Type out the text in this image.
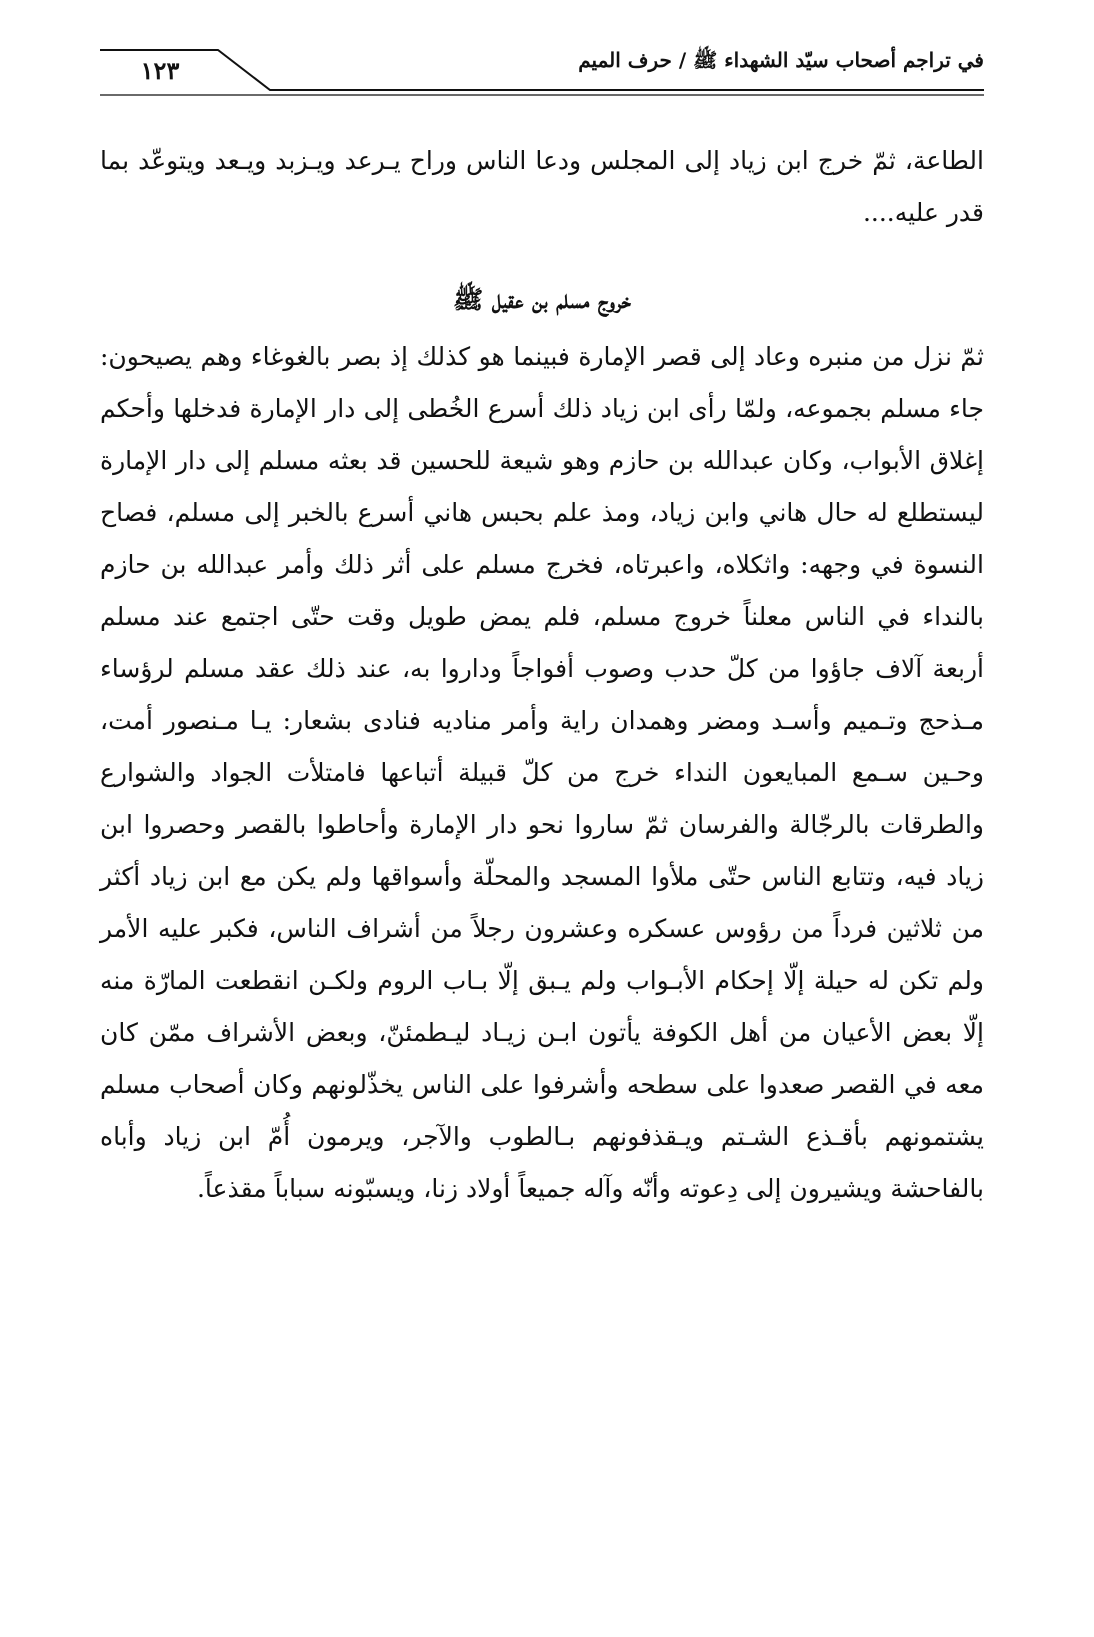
في تراجم أصحاب سيّد الشهداء ﷺ / حرف الميم
١٢٣

الطاعة، ثمّ خرج ابن زياد إلى المجلس ودعا الناس وراح يـرعد ويـزبد ويـعد ويتوعّد بما قدر عليه....

خروج مسلم بن عقيل ﷺ

ثمّ نزل من منبره وعاد إلى قصر الإمارة فبينما هو كذلك إذ بصر بالغوغاء وهم يصيحون: جاء مسلم بجموعه، ولمّا رأى ابن زياد ذلك أسرع الخُطى إلى دار الإمارة فدخلها وأحكم إغلاق الأبواب، وكان عبدالله بن حازم وهو شيعة للحسين قد بعثه مسلم إلى دار الإمارة ليستطلع له حال هاني وابن زياد، ومذ علم بحبس هاني أسرع بالخبر إلى مسلم، فصاح النسوة في وجهه: واثكلاه، واعبرتاه، فخرج مسلم على أثر ذلك وأمر عبدالله بن حازم بالنداء في الناس معلناً خروج مسلم، فلم يمض طويل وقت حتّى اجتمع عند مسلم أربعة آلاف جاؤوا من كلّ حدب وصوب أفواجاً وداروا به، عند ذلك عقد مسلم لرؤساء مـذحج وتـميم وأسـد ومضر وهمدان راية وأمر مناديه فنادى بشعار: يـا مـنصور أمت، وحـين سـمع المبايعون النداء خرج من كلّ قبيلة أتباعها فامتلأت الجواد والشوارع والطرقات بالرجّالة والفرسان ثمّ ساروا نحو دار الإمارة وأحاطوا بالقصر وحصروا ابن زياد فيه، وتتابع الناس حتّى ملأوا المسجد والمحلّة وأسواقها ولم يكن مع ابن زياد أكثر من ثلاثين فرداً من رؤوس عسكره وعشرون رجلاً من أشراف الناس، فكبر عليه الأمر ولم تكن له حيلة إلّا إحكام الأبـواب ولم يـبق إلّا بـاب الروم ولكـن انقطعت المارّة منه إلّا بعض الأعيان من أهل الكوفة يأتون ابـن زيـاد ليـطمئنّ، وبعض الأشراف ممّن كان معه في القصر صعدوا على سطحه وأشرفوا على الناس يخذّلونهم وكان أصحاب مسلم يشتمونهم بأقـذع الشـتم ويـقذفونهم بـالطوب والآجر، ويرمون أُمّ ابن زياد وأباه بالفاحشة ويشيرون إلى دِعوته وأنّه وآله جميعاً أولاد زنا، ويسبّونه سباباً مقذعاً.
